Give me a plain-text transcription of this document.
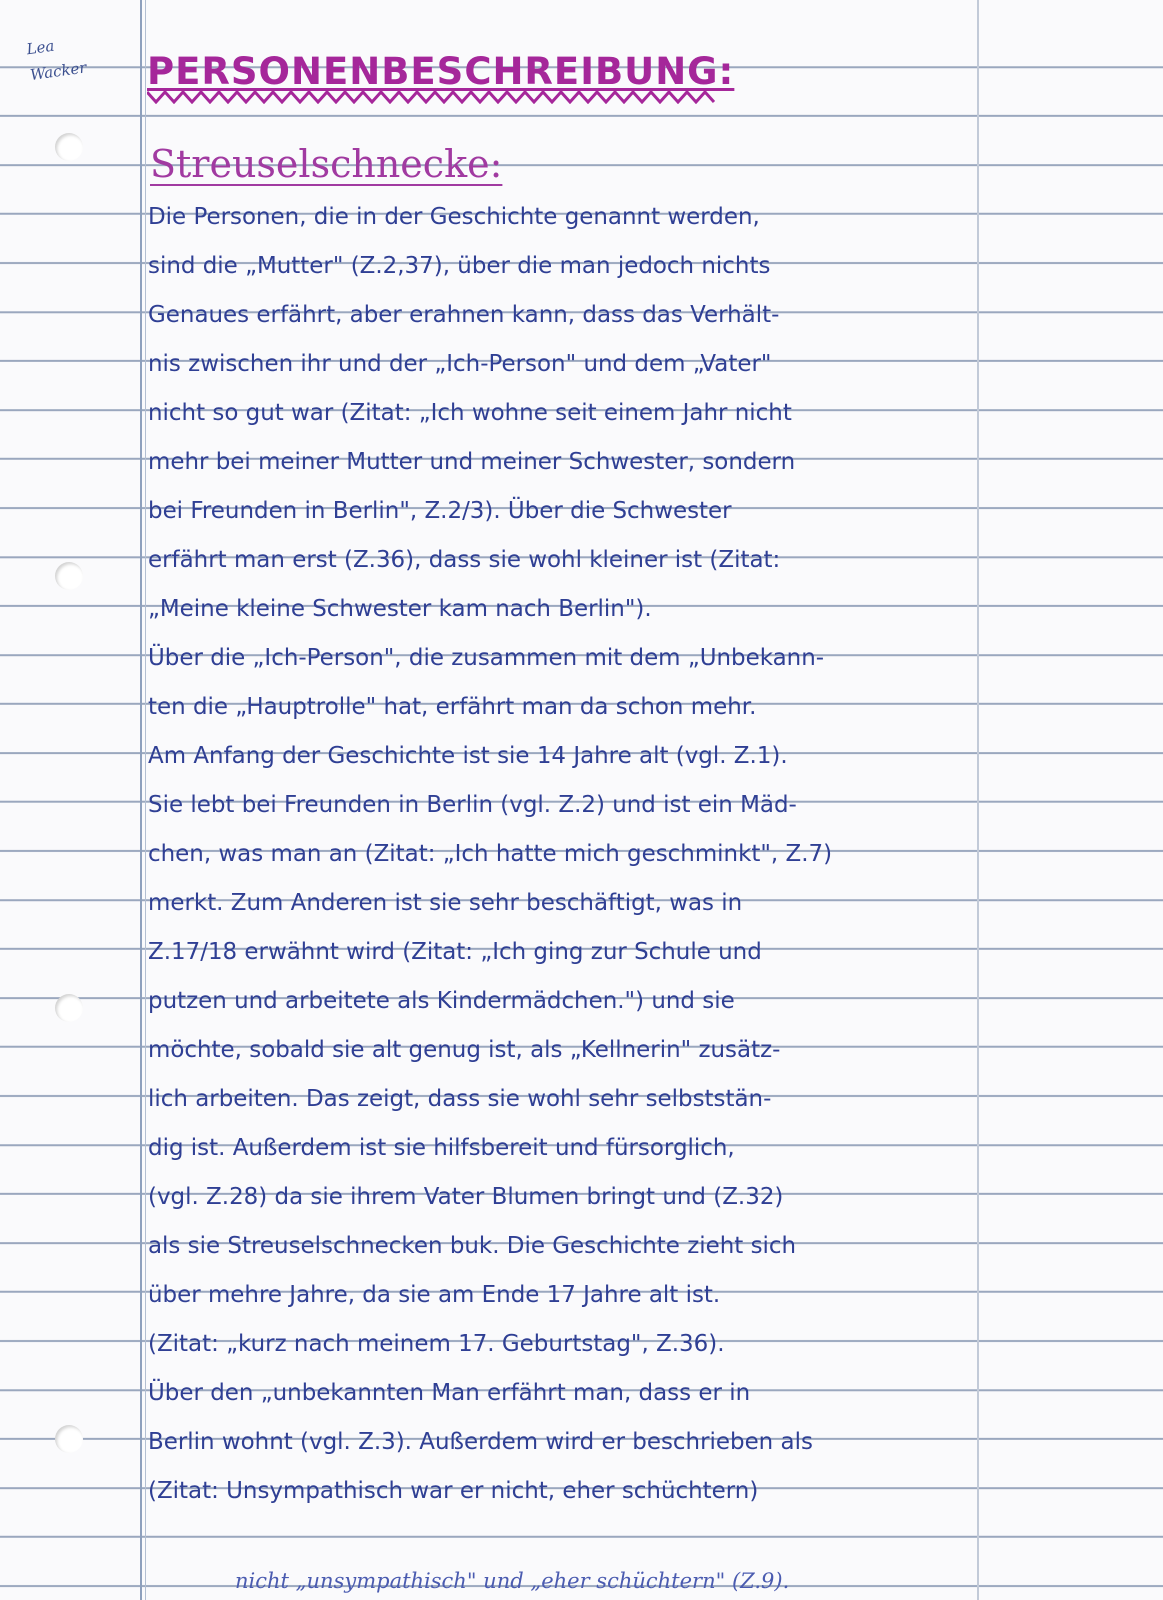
Lea
Wacker	PERSONENBESCHREIBUNG:
Streuselschnecke:
Die Personen, die in der Geschichte genannt werden,
sind die „Mutter" (Z.2,37), über die man jedoch nichts
Genaues erfährt, aber erahnen kann, dass das Verhält-
nis zwischen ihr und der „Ich-Person" und dem „Vater"
nicht so gut war (Zitat: „Ich wohne seit einem Jahr nicht
mehr bei meiner Mutter und meiner Schwester, sondern
bei Freunden in Berlin", Z.2/3). Über die Schwester
erfährt man erst (Z.36), dass sie wohl kleiner ist (Zitat:
„Meine kleine Schwester kam nach Berlin").
Über die „Ich-Person", die zusammen mit dem „Unbekann-
ten die „Hauptrolle" hat, erfährt man da schon mehr.
Am Anfang der Geschichte ist sie 14 Jahre alt (vgl. Z.1).
Sie lebt bei Freunden in Berlin (vgl. Z.2) und ist ein Mäd-
chen, was man an (Zitat: „Ich hatte mich geschminkt", Z.7)
merkt. Zum Anderen ist sie sehr beschäftigt, was in
Z.17/18 erwähnt wird (Zitat: „Ich ging zur Schule und
putzen und arbeitete als Kindermädchen.") und sie
möchte, sobald sie alt genug ist, als „Kellnerin" zusätz-
lich arbeiten. Das zeigt, dass sie wohl sehr selbststän-
dig ist. Außerdem ist sie hilfsbereit und fürsorglich,
(vgl. Z.28) da sie ihrem Vater Blumen bringt und (Z.32)
als sie Streuselschnecken buk. Die Geschichte zieht sich
über mehre Jahre, da sie am Ende 17 Jahre alt ist.
(Zitat: „kurz nach meinem 17. Geburtstag", Z.36).
Über den „unbekannten Man erfährt man, dass er in
Berlin wohnt (vgl. Z.3). Außerdem wird er beschrieben als
(Zitat: Unsympathisch war er nicht, eher schüchtern)
nicht „unsympathisch" und „eher schüchtern" (Z.9).
